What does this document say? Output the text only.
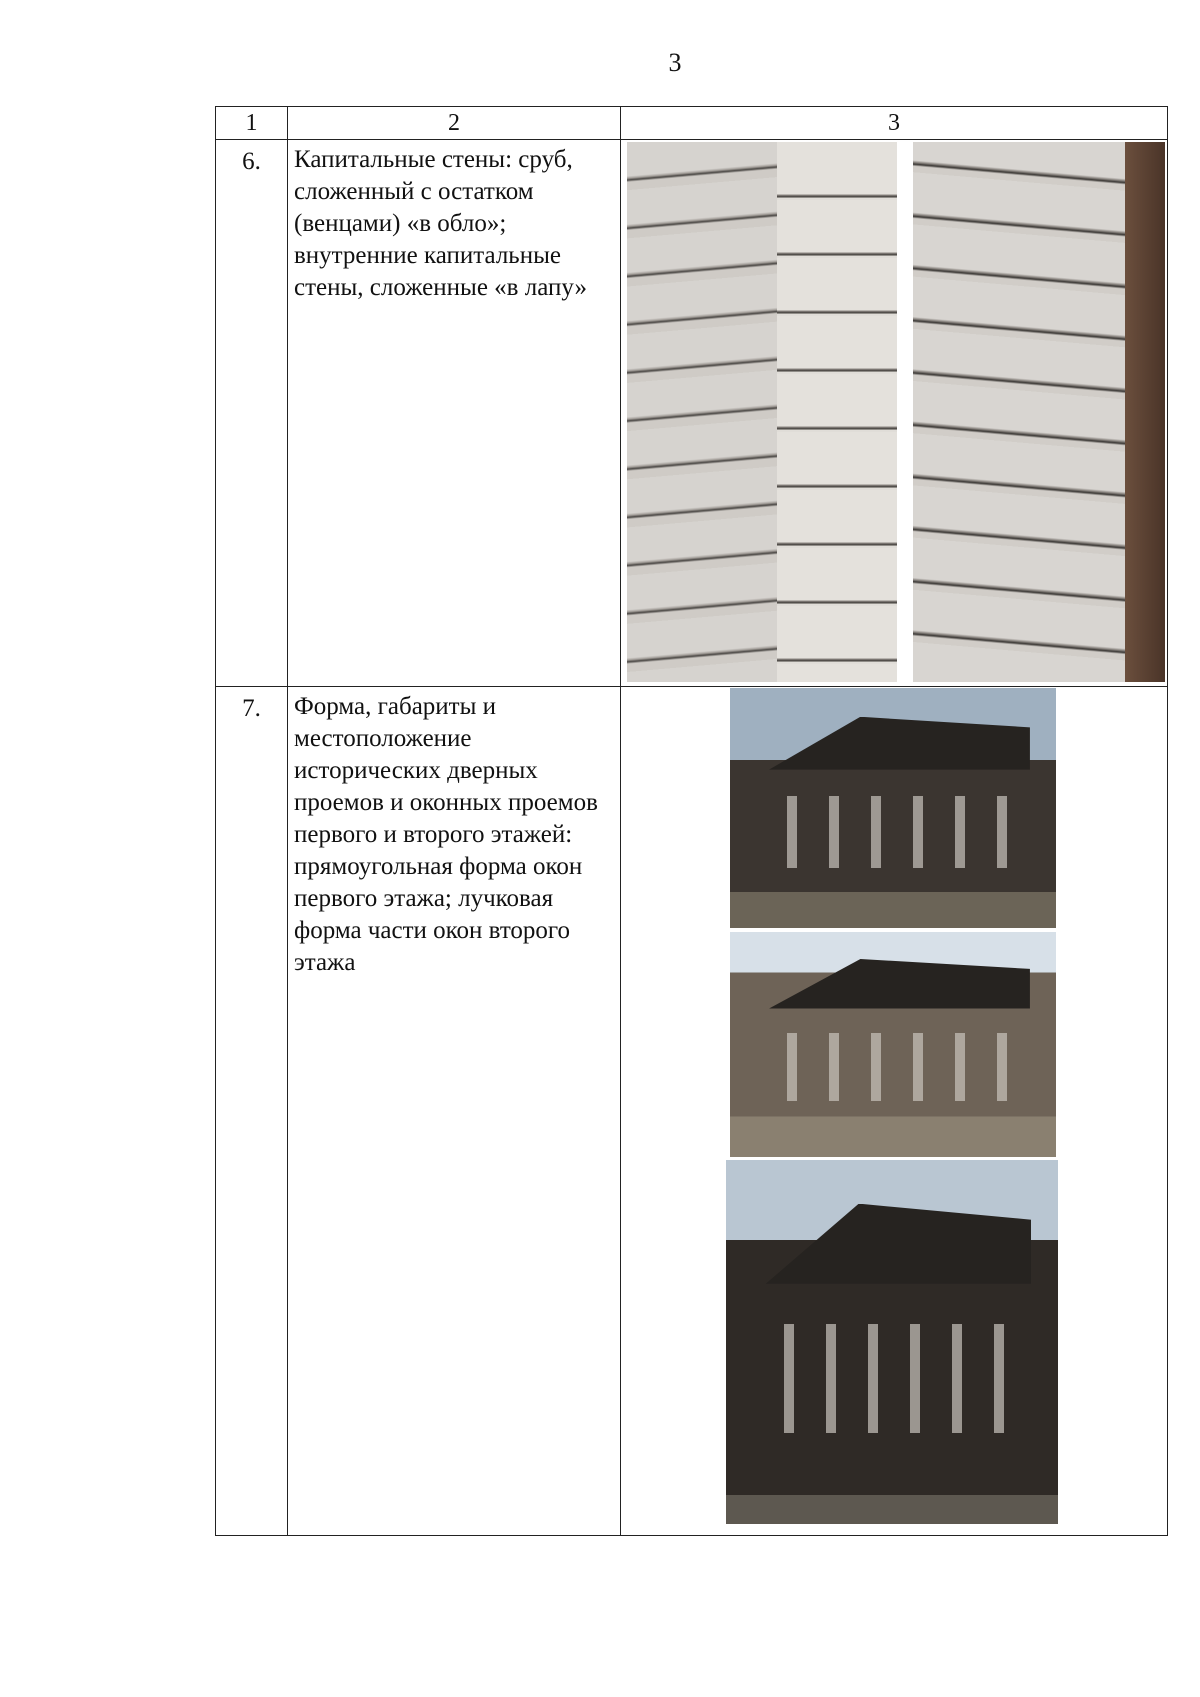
3
1	2	3
6.	Капитальные стены: сруб, сложенный с остатком (венцами) «в обло»; внутренние капитальные стены, сложенные «в лапу»	
7.	Форма, габариты и местоположение исторических дверных проемов и оконных проемов первого и второго этажей: прямоугольная форма окон первого этажа; лучковая форма части окон второго этажа	
